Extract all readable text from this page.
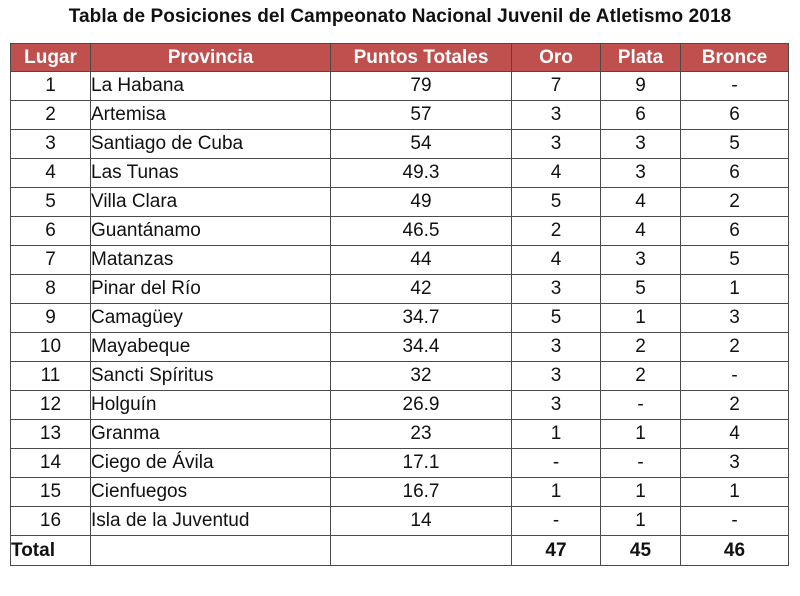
Tabla de Posiciones del Campeonato Nacional Juvenil de Atletismo 2018
Lugar	Provincia	Puntos Totales	Oro	Plata	Bronce
1	La Habana	79	7	9	-
2	Artemisa	57	3	6	6
3	Santiago de Cuba	54	3	3	5
4	Las Tunas	49.3	4	3	6
5	Villa Clara	49	5	4	2
6	Guantánamo	46.5	2	4	6
7	Matanzas	44	4	3	5
8	Pinar del Río	42	3	5	1
9	Camagüey	34.7	5	1	3
10	Mayabeque	34.4	3	2	2
11	Sancti Spíritus	32	3	2	-
12	Holguín	26.9	3	-	2
13	Granma	23	1	1	4
14	Ciego de Ávila	17.1	-	-	3
15	Cienfuegos	16.7	1	1	1
16	Isla de la Juventud	14	-	1	-
Total			47	45	46
